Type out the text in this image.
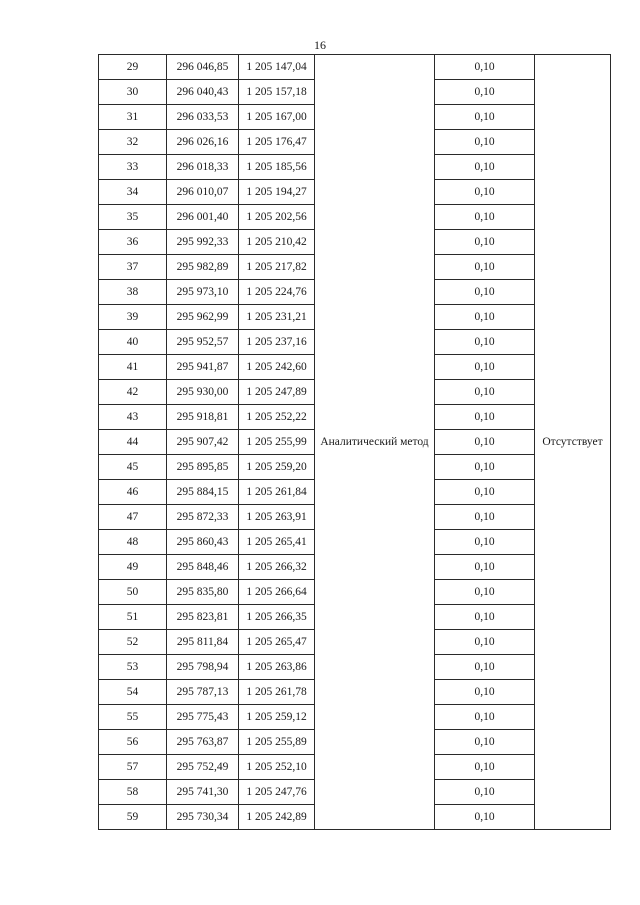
16
29	296 046,85	1 205 147,04	Аналитический метод	0,10	Отсутствует
30	296 040,43	1 205 157,18		0,10	
31	296 033,53	1 205 167,00		0,10	
32	296 026,16	1 205 176,47		0,10	
33	296 018,33	1 205 185,56		0,10	
34	296 010,07	1 205 194,27		0,10	
35	296 001,40	1 205 202,56		0,10	
36	295 992,33	1 205 210,42		0,10	
37	295 982,89	1 205 217,82		0,10	
38	295 973,10	1 205 224,76		0,10	
39	295 962,99	1 205 231,21		0,10	
40	295 952,57	1 205 237,16		0,10	
41	295 941,87	1 205 242,60		0,10	
42	295 930,00	1 205 247,89		0,10	
43	295 918,81	1 205 252,22		0,10	
44	295 907,42	1 205 255,99		0,10	
45	295 895,85	1 205 259,20		0,10	
46	295 884,15	1 205 261,84		0,10	
47	295 872,33	1 205 263,91		0,10	
48	295 860,43	1 205 265,41		0,10	
49	295 848,46	1 205 266,32		0,10	
50	295 835,80	1 205 266,64		0,10	
51	295 823,81	1 205 266,35		0,10	
52	295 811,84	1 205 265,47		0,10	
53	295 798,94	1 205 263,86		0,10	
54	295 787,13	1 205 261,78		0,10	
55	295 775,43	1 205 259,12		0,10	
56	295 763,87	1 205 255,89		0,10	
57	295 752,49	1 205 252,10		0,10	
58	295 741,30	1 205 247,76		0,10	
59	295 730,34	1 205 242,89		0,10	
